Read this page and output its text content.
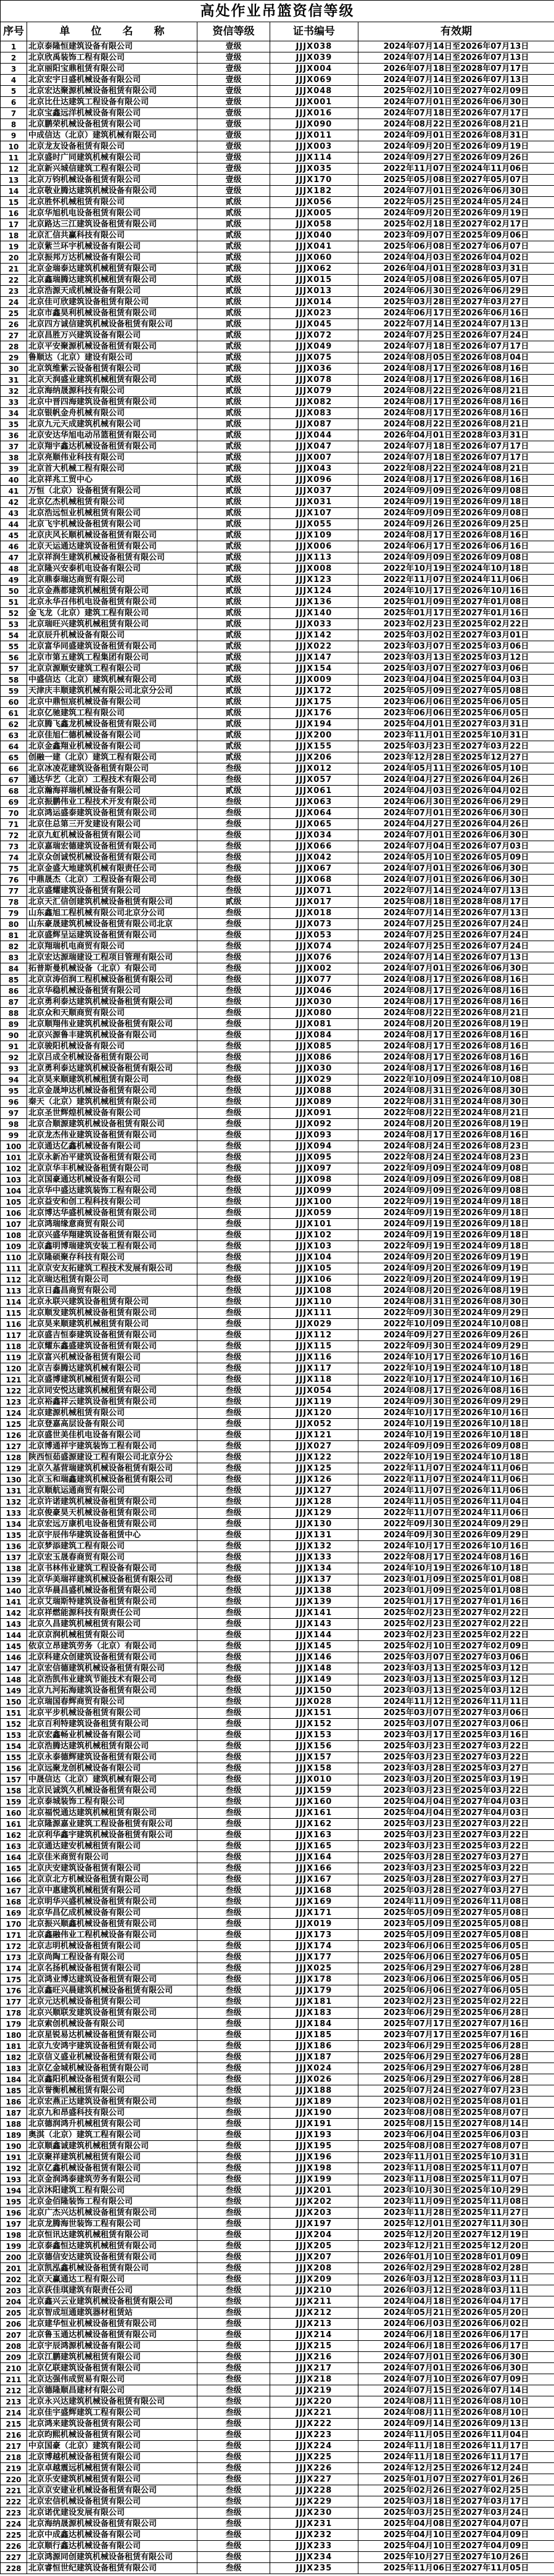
高处作业吊篮资信等级				
序号	单　　位　　名　　称	资信等级	证书编号	有效期
1	北京泰隆恒建筑设备有限公司	壹级	JJJX038	2024年07月14日至2026年07月13日
2	北京欣禹装饰工程有限公司	壹级	JJJX039	2024年07月14日至2026年07月13日
3	北京丽阳宝鼎租赁有限公司	壹级	JJJX004	2026年07月18日至2028年07月17日
4	北京宏宇日盛机械设备有限公司	壹级	JJJX069	2024年07月14日至2026年07月13日
5	北京宏达聚源机械设备租赁有限公司	壹级	JJJX048	2025年02月10日至2027年02月09日
6	北京比仕达建筑工程设备有限公司	壹级	JJJX001	2024年07月01日至2026年06月30日
7	北京宝鑫远洋机械设备有限公司	壹级	JJJX016	2024年07月18日至2026年07月17日
8	北京鹏荣机械设备租赁有限公司	壹级	JJJX090	2024年08月22日至2026年08月21日
9	中成信达（北京）建筑机械有限公司	壹级	JJJX011	2024年09月01日至2026年08月31日
10	北京龙友设备租赁有限公司	壹级	JJJX003	2024年09月20日至2026年09月19日
11	北京盛时广同建筑机械有限公司	壹级	JJJX114	2024年09月27日至2026年09月26日
12	北京新兴城信建筑工程有限公司	壹级	JJJX035	2022年11月07日至2024年11月06日
13	北京万钧机械设备租赁有限公司	壹级	JJJX170	2025年05月08日至2027年05月07日
14	北京敬业腾达建筑机械设备有限公司	壹级	JJJX182	2024年07月01日至2026年06月30日
15	北京胜怀机械租赁有限公司	贰级	JJJX056	2022年05月25日至2024年05月24日
16	北京华旭机电设备租赁有限公司	贰级	JJJX005	2024年09月20日至2026年09月19日
17	北京路达三江建筑设备租赁有限公司	贰级	JJJX058	2025年02月18日至2027年02月17日
18	北京汇信共赢科技有限公司	贰级	JJJX040	2023年09月07日至2025年09月06日
19	北京紫兰环宇机械设备有限公司	贰级	JJJX041	2025年06月08日至2027年06月07日
20	北京振邦万达机械设备有限公司	贰级	JJJX060	2024年04月03日至2026年04月02日
21	北京金瑞泰达建筑机械租赁有限公司	贰级	JJJX062	2026年04月01日至2028年03月31日
22	北京鑫瑞腾达建筑机械租赁有限公司	贰级	JJJX015	2024年05月08日至2026年05月07日
23	北京浩源天成机械设备有限公司	贰级	JJJX013	2024年06月30日至2026年06月29日
24	北京佳可欣建筑设备租赁有限公司	贰级	JJJX014	2025年03月28日至2027年03月27日
25	北京市鑫昊利机械设备租赁有限公司	贰级	JJJX023	2024年06月17日至2026年06月16日
26	北京四方诚信建筑机械设备租赁有限公司	贰级	JJJX045	2022年07月14日至2024年07月13日
27	北京昌胜万兴建筑设备有限公司	贰级	JJJX072	2024年07月25日至2026年07月24日
28	北京平安聚源机械设备租赁有限公司	贰级	JJJX049	2024年07月18日至2026年07月17日
29	鲁顺达（北京）建设有限公司	贰级	JJJX075	2024年08月05日至2026年08月04日
30	北京筑维紫云设备租赁有限公司	贰级	JJJX036	2024年08月17日至2026年08月16日
31	北京天润盛业建筑机械租赁有限公司	贰级	JJJX078	2024年08月17日至2026年08月16日
32	北京海纳晟源科技有限公司	贰级	JJJX079	2024年08月22日至2026年08月21日
33	北京中晋四海建筑设备租赁有限公司	贰级	JJJX082	2024年08月17日至2026年08月16日
34	北京银帆金舟机械有限公司	贰级	JJJX083	2024年08月17日至2026年08月16日
35	北京九元天成建筑机械有限公司	贰级	JJJX087	2024年08月22日至2026年08月21日
36	北京安达华旭电动吊篮租赁有限公司	贰级	JJJX044	2026年04月01日至2028年03月31日
37	北京翔宇鑫达机械设备租赁有限公司	贰级	JJJX047	2024年07月18日至2026年07月17日
38	北京亮顺伟业科技有限公司	贰级	JJJX007	2024年07月18日至2026年07月17日
39	北京首大机械工程有限公司	贰级	JJJX043	2022年08月22日至2024年08月21日
40	北京祥兆工贸中心	贰级	JJJX096	2024年08月17日至2026年08月16日
41	万恒（北京）设备租赁有限公司	贰级	JJJX037	2024年09月09日至2026年09月08日
42	北京亿杰机械租赁有限公司	贰级	JJJX031	2024年09月19日至2026年09月18日
43	北京浩远恒业机械租赁有限公司	贰级	JJJX107	2024年09月09日至2026年09月08日
44	北京飞宇机械设备租赁有限公司	贰级	JJJX055	2024年09月26日至2026年09月25日
45	北京庆风长顺机械设备租赁有限公司	贰级	JJJX109	2024年08月17日至2026年08月16日
46	北京天运通达建筑设备租赁有限公司	贰级	JJJX006	2024年06月17日至2026年06月16日
47	北京祥润生建筑机械设备租赁有限公司	贰级	JJJX113	2024年09月09日至2026年09月08日
48	北京隆兴安泰机电设备有限公司	贰级	JJJX008	2022年10月19日至2024年10月18日
49	北京鼎泰瑞达商贸有限公司	贰级	JJJX123	2022年11月07日至2024年11月06日
50	北京金燕都建筑机械租赁有限公司	贰级	JJJX124	2024年10月17日至2026年10月16日
51	北京永华召伟机电设备租赁有限公司	贰级	JJJX136	2025年01月09日至2027年01月08日
52	金飞龙（北京）建筑工程有限公司	贰级	JJJX140	2025年01月17日至2027年01月16日
53	北京瑞旺兴建筑机械租赁有限公司	贰级	JJJX033	2023年02月23日至2025年02月22日
54	北京辰升机械设备有限公司	贰级	JJJX142	2025年03月02日至2027年03月01日
55	北京富华同盛建筑设备租赁有限公司	贰级	JJJX022	2023年03月07日至2025年03月06日
56	北京市第五建筑工程集团有限公司	贰级	JJJX147	2023年03月13日至2025年03月12日
57	北京京源顺安建筑工程有限公司	贰级	JJJX154	2025年03月07日至2027年03月06日
58	中盛信达（北京）建筑机械有限公司	贰级	JJJX009	2023年04月04日至2025年04月03日
59	天津庆丰顺建筑机械有限公司北京分公司	贰级	JJJX172	2025年05月09日至2027年05月08日
60	北京中鼎恒宸机械设备有限公司	贰级	JJJX175	2023年06月06日至2025年06月05日
61	北京亿驰建筑工程有限公司	贰级	JJJX176	2023年06月06日至2025年06月05日
62	北京腾飞鑫龙机械设备租赁有限公司	贰级	JJJX194	2025年04月01日至2027年03月31日
63	北京佳旭仁德机械设备有限公司	贰级	JJJX200	2023年11月01日至2025年10月31日
64	北京金鑫翔业机械设备有限公司	贰级	JJJX155	2025年03月23日至2027年03月22日
65	创融一建（北京）建筑工程有限公司	贰级	JJJX206	2023年12月28日至2025年12月27日
66	北京冰凌花建筑设备租赁有限公司	叁级	JJJX012	2024年05月11日至2026年05月10日
67	通达华艺（北京）工程技术有限公司	叁级	JJJX057	2024年04月27日至2026年04月26日
68	北京瀚海祥瑞机械设备有限公司	贰级	JJJX061	2024年04月03日至2026年04月02日
69	北京振鹏伟业工程技术开发有限公司	叁级	JJJX063	2024年06月30日至2026年06月29日
70	北京鸿运盛泰建筑设备租赁有限公司	叁级	JJJX064	2024年07月01日至2026年06月30日
71	北京住总第三开发建设有限公司	叁级	JJJX065	2024年04月27日至2026年04月26日
72	北京九虹机械设备租赁有限公司	叁级	JJJX034	2024年07月01日至2026年06月30日
73	北京嘉瑞宏德建筑设备租赁有限公司	叁级	JJJX066	2024年07月04日至2026年07月03日
74	北京众创诚悦机械设备租赁有限公司	叁级	JJJX042	2024年05月10日至2026年05月09日
75	北京金盛大地建筑机械有限责任公司	叁级	JJJX067	2024年07月01日至2026年06月30日
76	中鼎晟杰（北京）工程设备有限公司	叁级	JJJX068	2024年07月01日至2026年06月30日
77	北京盛耀建筑设备租赁有限公司	叁级	JJJX071	2022年07月14日至2024年07月13日
78	北京天汇信创建筑机械设备租赁有限公司	贰级	JJJX017	2025年08月18日至2028年08月17日
79	山东鑫旭工程机械有限公司北京分公司	叁级	JJJX018	2024年07月14日至2026年07月13日
80	山东豪晟建筑机械设备租赁有限公司北京	叁级	JJJX073	2024年07月25日至2026年07月24日
81	北京盛辉呈运建筑设备租赁有限公司	叁级	JJJX053	2024年07月25日至2026年07月24日
82	北京翔瑞机电商贸有限公司	叁级	JJJX074	2024年07月25日至2026年07月24日
83	北京宏达源瑞建设工程项目管理有限公司	叁级	JJJX076	2024年07月14日至2026年07月13日
84	拓普斯曼机械设备（北京）有限公司	叁级	JJJX002	2024年07月01日至2026年06月30日
85	北京京涛佰润工程机械设备租赁有限公司	叁级	JJJX077	2024年08月17日至2026年08月16日
86	北京华稳机械设备租赁有限公司	叁级	JJJX046	2024年08月17日至2026年08月16日
87	北京勇利泰达建筑机械设备租赁有限公司	叁级	JJJX030	2024年08月17日至2026年08月16日
88	北京众和天顺商贸有限公司	叁级	JJJX080	2024年08月22日至2026年08月21日
89	北京顺翔伟业建筑机械设备租赁有限公司	叁级	JJJX081	2024年08月20日至2026年08月19日
90	北京兴源鲁丰建筑机械设备有限公司	叁级	JJJX084	2024年08月17日至2026年08月16日
91	北京骏阳机械设备有限公司	叁级	JJJX085	2024年08月17日至2026年08月16日
92	北京吕成全机械设备租赁有限公司	叁级	JJJX086	2024年08月17日至2026年08月16日
93	北京勇利泰达建筑机械设备租赁有限公司	叁级	JJJX030	2024年08月17日至2026年08月16日
94	北京昊来顺建筑机械租赁有限公司	叁级	JJJX029	2022年10月09日至2024年10月08日
95	北京金晟坤达机械设备租赁有限公司	叁级	JJJX088	2024年08月31日至2026年08月30日
96	秦天（北京）建筑机械租赁有限公司	叁级	JJJX089	2022年08月31日至2024年08月30日
97	北京圣世辉煌机械设备有限公司	叁级	JJJX091	2022年08月22日至2024年08月21日
98	北京合顺源建筑机械设备租赁有限公司	叁级	JJJX092	2024年08月20日至2026年08月19日
99	北京龙杰伟业建筑设备租赁有限公司	叁级	JJJX093	2024年08月17日至2026年08月16日
100	北京通达亿鑫机械设备有限公司	叁级	JJJX094	2024年08月24日至2026年08月23日
101	北京永新冶平建筑设备租赁有限公司	叁级	JJJX095	2022年08月24日至2024年08月23日
102	北京京华丰机械设备租赁有限公司	叁级	JJJX097	2022年09月09日至2024年09月08日
103	北京国豪通达机械设备有限公司	叁级	JJJX098	2024年09月09日至2026年09月08日
104	北京华中盛达建筑装饰工程有限公司	叁级	JJJX099	2024年09月09日至2026年09月08日
105	北京益安和创工程科技有限公司	叁级	JJJX100	2022年09月19日至2024年09月18日
106	北京博达华盛机械设备租赁有限公司	叁级	JJJX059	2024年09月19日至2026年09月18日
107	北京鸿瑞缘意商贸有限公司	叁级	JJJX101	2024年09月19日至2026年09月18日
108	北京兴盛华翔建筑设备租赁有限公司	叁级	JJJX102	2024年09月19日至2026年09月18日
109	北京鑫明博瑞建筑安装工程有限公司	叁级	JJJX103	2022年09月19日至2024年09月18日
110	北京隆硕聚存科技有限公司	叁级	JJJX104	2024年09月20日至2026年09月19日
111	北京京安友拓建筑工程技术发展有限公司	叁级	JJJX105	2024年09月20日至2026年09月19日
112	北京瑞达租赁有限公司	叁级	JJJX106	2022年09月20日至2024年09月19日
113	北京日鑫昌商贸有限公司	叁级	JJJX108	2024年08月20日至2026年08月19日
114	北京永联兴建筑设备租赁有限公司	叁级	JJJX110	2024年08月31日至2026年08月30日
115	北京顺发建筑机械设备租赁有限公司	叁级	JJJX111	2022年09月30日至2024年09月29日
116	北京昊来顺建筑机械租赁有限公司	叁级	JJJX029	2022年10月09日至2024年10月08日
117	北京盛吉恒泰建筑设备租赁有限公司	叁级	JJJX112	2024年09月27日至2026年09月26日
118	北京耀东鑫盛建筑设备租赁有限公司	叁级	JJJX115	2022年09月30日至2024年09月29日
119	北京富兴机械设备租赁有限公司	叁级	JJJX116	2024年10月17日至2026年10月16日
120	北京吉泰腾达建筑机械有限公司	叁级	JJJX117	2022年10月19日至2024年10月18日
121	北京盛博建筑机械租赁有限公司	叁级	JJJX118	2022年10月17日至2024年10月16日
122	北京同安悦达建筑机械租赁有限公司	叁级	JJJX054	2024年08月17日至2026年08月16日
123	北京裕鑫祥云建筑设备租赁有限公司	叁级	JJJX119	2024年09月30日至2026年09月29日
124	北京建源机械租赁有限公司	叁级	JJJX120	2024年10月17日至2026年10月16日
125	北京登嘉高层设备有限公司	叁级	JJJX052	2024年10月19日至2026年10月18日
126	北京盛世美佳机电设备有限公司	叁级	JJJX121	2024年10月19日至2026年10月18日
127	北京博通祥宇建筑装饰工程有限公司	叁级	JJJX027	2024年09月09日至2026年09月08日
128	陕西恒茹盛源建设工程有限公司北京分公	叁级	JJJX122	2022年10月19日至2024年10月18日
129	北京久基营瑞建筑机械设备租赁有限公司	叁级	JJJX125	2022年11月07日至2024年11月06日
130	北京玉和瑞鑫建筑机械设备租赁有限公司	叁级	JJJX126	2022年11月07日至2024年11月06日
131	北京顺航运通商贸有限公司	叁级	JJJX127	2024年11月07日至2026年11月06日
132	北京许诺建筑机械设备租赁有限公司	叁级	JJJX128	2024年11月05日至2026年11月04日
133	北京俊豪昊天机械设备租赁有限公司	叁级	JJJX129	2022年11月07日至2024年11月06日
134	北京宏远万康机电设备租赁有限公司	叁级	JJJX130	2022年09月30日至2024年09月29日
135	北京宇辰伟华建筑设备租赁中心	叁级	JJJX131	2024年09月30日至2026年09月29日
136	北京梦添建筑工程有限公司	叁级	JJJX132	2024年10月17日至2026年10月16日
137	北京宏玉晟春商贸有限公司	叁级	JJJX133	2022年08月17日至2024年08月16日
138	北京书林伟业建筑工程设备有限公司	叁级	JJJX134	2024年10月19日至2026年10月18日
139	北京华美瑞祥建筑机械设备租赁有限公司	叁级	JJJX137	2023年01月09日至2025年01月08日
140	北京华晨昌盛机械设备租赁有限公司	叁级	JJJX138	2023年01月09日至2025年01月08日
141	北京艾瑞斯特建筑设备租赁有限公司	叁级	JJJX139	2025年01月17日至2027年01月16日
142	北京祥燃能源科技有限责任公司	叁级	JJJX141	2025年02月23日至2027年02月22日
143	北京久昌建筑机械租赁有限公司	叁级	JJJX143	2025年02月23日至2027年02月22日
144	北京京润机械租赁有限公司	叁级	JJJX144	2023年02月23日至2025年02月22日
145	依京立昂建筑劳务（北京）有限公司	叁级	JJJX145	2025年02月10日至2027年02月09日
146	北京科建众创建筑设备租赁有限公司	叁级	JJJX146	2025年03月07日至2027年03月06日
147	北京宏信德建筑机械设备租赁有限公司	叁级	JJJX148	2023年03月13日至2025年03月12日
148	北京浩凯伟业建筑节能技术有限公司	叁级	JJJX149	2023年03月13日至2025年03月12日
149	北京九河拓海建筑设备租赁有限公司	叁级	JJJX150	2023年03月13日至2025年03月12日
150	北京瑞国春辉商贸有限公司	叁级	JJJX028	2024年11月12日至2026年11月11日
151	北京平步机械设备租赁有限公司	叁级	JJJX151	2025年03月07日至2027年03月06日
152	北京百利特建筑设备租赁有限公司	叁级	JJJX152	2025年03月07日至2027年03月06日
153	北京宏鑫畅业机械设备有限公司	叁级	JJJX153	2023年03月17日至2025年03月16日
154	北京浩腾达建筑机械租赁有限公司	叁级	JJJX156	2025年03月23日至2027年03月22日
155	北京永泰德辉建筑设备租赁有限公司	叁级	JJJX157	2025年03月23日至2027年03月22日
156	北京远聚龙创机械设备有限公司	叁级	JJJX158	2023年03月28日至2025年03月27日
157	中晟信达（北京）建筑机械有限公司	叁级	JJJX010	2023年03月20日至2025年03月19日
158	北京民诚筑久机械设备租赁有限公司	叁级	JJJX159	2023年03月23日至2025年03月22日
159	北京泰城装饰工程有限公司	叁级	JJJX160	2025年04月04日至2027年04月03日
160	北京福悦通达建筑机械租赁有限公司	叁级	JJJX161	2025年04月04日至2027年04月03日
161	北京隆源嘉业建筑工程设备租赁有限公司	叁级	JJJX162	2025年03月23日至2027年03月22日
162	北京利华鑫宇建筑机械设备租赁有限公司	叁级	JJJX163	2025年03月23日至2027年03月22日
163	北京通达建安机械租赁有限公司	叁级	JJJX165	2023年03月23日至2025年03月22日
164	北京佳米商贸有限公司	叁级	JJJX164	2025年03月28日至2027年03月27日
165	北京庆安建筑设备租赁有限公司	叁级	JJJX166	2023年03月23日至2025年03月22日
166	北京京北方机械设备租赁有限公司	叁级	JJJX167	2025年03月28日至2027年03月27日
167	北京中惠建筑机械租赁有限公司	叁级	JJJX168	2025年03月28日至2027年03月27日
168	北京明华兴盛机械设备租赁有限公司	叁级	JJJX169	2024年11月09日至2026年11月08日
169	北京华昌亿成机械设备有限公司	叁级	JJJX171	2025年05月09日至2027年05月08日
170	北京振兴顺鑫机械设备租赁有限公司	叁级	JJJX019	2023年05月09日至2025年05月08日
171	北京鑫融伟业工程机械设备有限公司	叁级	JJJX173	2025年05月09日至2027年05月08日
172	北京志明机械设备租赁有限公司	叁级	JJJX174	2023年06月06日至2025年06月05日
173	北京尚陶工程设备有限公司	叁级	JJJX177	2025年06月06日至2027年06月05日
174	北京名扬机械设备租赁有限公司	叁级	JJJX025	2025年06月29日至2027年06月28日
175	北京鸿业博达建筑设备租赁有限公司	叁级	JJJX178	2023年06月06日至2025年06月05日
176	北京鑫旺兴晨建筑机械设备租赁有限公司	叁级	JJJX179	2025年06月06日至2027年06月05日
177	北京元达机械设备租赁有限公司	叁级	JJJX181	2023年02月23日至2025年02月22日
178	北京兴顺联发建筑设备租赁有限公司	叁级	JJJX183	2023年06月29日至2025年06月28日
179	北京索创机械设备有限公司	叁级	JJJX184	2025年07月17日至2027年07月16日
180	北京星锐易达机械设备租赁有限公司	叁级	JJJX185	2023年07月17日至2025年07月16日
181	北京九安鸿宇建筑设备租赁有限公司	叁级	JJJX186	2023年06月29日至2025年06月28日
182	北京信义盛业机械设备租赁有限公司	叁级	JJJX187	2025年06月29日至2027年06月28日
183	北京亿金城机械设备租赁有限公司	叁级	JJJX024	2025年06月29日至2027年06月28日
184	北京鑫阳机械设备租赁有限公司	叁级	JJJX026	2025年06月29日至2027年06月28日
185	北京誉衡机械租赁有限公司	叁级	JJJX188	2025年07月24日至2027年07月23日
186	北京宏燕正达建筑设备租赁有限公司	叁级	JJJX189	2023年08月02日至2025年08月01日
187	北京九和昂盛科技有限公司	叁级	JJJX190	2023年08月08日至2025年08月07日
188	北京德润鸿升机械租赁有限公司	叁级	JJJX191	2025年08月15日至2027年08月14日
189	奥淇（北京）建筑工程有限公司	叁级	JJJX193	2023年06月04日至2025年06月03日
190	北京顺鑫诚建筑机械租赁有限公司	叁级	JJJX195	2025年08月08日至2027年08月07日
191	北京聚祥建筑机械租赁有限公司	叁级	JJJX196	2023年11月01日至2025年10月31日
192	北京亿鑫机械设备租赁有限公司	叁级	JJJX198	2023年11月08日至2025年11月07日
193	北京金润鸿泰建筑劳务有限公司	叁级	JJJX199	2023年11月08日至2025年11月07日
194	北京沐阳建筑工程有限公司	叁级	JJJX201	2023年10月30日至2025年10月29日
195	北京金佰隆装饰工程有限公司	叁级	JJJX202	2023年11月09日至2025年11月08日
196	北京广杰兴达机械设备租赁有限公司	叁级	JJJX203	2023年11月28日至2025年11月27日
197	北京龙腾海世装饰工程有限公司	叁级	JJJX197	2025年12月01日至2027年11月30日
198	北京恒讯达建筑机械租赁有限公司	叁级	JJJX204	2025年12月20日至2027年12月19日
199	北京泰鑫恒达建筑机械租赁有限公司	叁级	JJJX205	2023年12月21日至2025年12月20日
200	北京德信安达建筑设备租赁有限公司	叁级	JJJX207	2026年01月10日至2028年01月09日
201	北京凯泓鑫机械设备租赁有限公司	叁级	JJJX208	2026年02月29日至2028年02月28日
202	北京天赢通达工程有限公司	叁级	JJJX209	2026年03月12日至2028年03月11日
203	北京荻佳琪建筑有限责任公司	叁级	JJJX210	2026年03月12日至2028年03月11日
204	北京鑫兴云业建筑机械设备租赁有限公司	叁级	JJJX211	2024年04月18日至2026年04月17日
205	北京智成垣通建筑器材租赁站	叁级	JJJX212	2024年05月21日至2026年05月20日
206	北京建华恒业机械设备租赁有限公司	叁级	JJJX213	2024年06月03日至2026年06月02日
207	北京鲁玉通达机械设备租赁有限公司	叁级	JJJX214	2024年06月18日至2026年06月17日
208	北京宇辰鸿源机械设备有限公司	叁级	JJJX215	2024年06月18日至2026年06月17日
209	北京江鹏建筑机械租赁有限公司	叁级	JJJX216	2024年07月01日至2026年06月30日
210	北京亿联建筑设备租赁有限公司	叁级	JJJX217	2024年07月01日至2026年06月30日
211	北京达强伟成贸易有限公司	叁级	JJJX218	2024年07月10日至2026年07月09日
212	北京德隆顺昌建材有限公司	叁级	JJJX219	2024年07月15日至2026年07月14日
213	北京永兴达建筑机械设备租赁有限公司	叁级	JJJX220	2024年08月11日至2026年08月10日
214	北京佳宇盛辉建筑工程有限公司	叁级	JJJX221	2024年08月11日至2026年08月10日
215	北京鸿来建筑设备租赁有限公司	叁级	JJJX222	2024年09月14日至2026年09月13日
216	北京昀熙机械设备租赁有限公司	叁级	JJJX223	2024年11月05日至2026年11月04日
217	中京国豪（北京）建筑有限公司	叁级	JJJX224	2024年11月18日至2026年11月17日
218	北京博越机械设备租赁有限公司	叁级	JJJX225	2024年11月18日至2026年11月17日
219	北京卓越震远机械租赁有限公司	叁级	JJJX226	2024年12月25日至2026年12月24日
220	北京乐安建筑机械租赁有限公司	叁级	JJJX227	2025年01月07日至2027年01月26日
221	北京京安建业机械设备租赁有限公司	叁级	JJJX228	2025年02月26日至2027年02月25日
222	北京宏信机械设备租赁有限公司	叁级	JJJX229	2025年03月18日至2027年03月17日
223	北京诺优建设发展有限公司	叁级	JJJX230	2025年03月25日至2027年03月24日
224	北京海纳晟源机械设备租赁有限公司	叁级	JJJX231	2025年04月08日至2027年04月07日
225	北京中成鑫达机械设备有限公司	叁级	JJJX232	2025年04月10日至2027年04月09日
226	北京顺行鑫达机械设备有限公司	叁级	JJJX233	2025年04月10日至2027年04月09日
227	北京鸿源同创建筑机械设备租赁有限公司	叁级	JJJX234	2025年10月27日至2027年10月26日
228	北京睿恒世纪建筑设备租赁有限公司	叁级	JJJX235	2025年11月06日至2027年11月05日
